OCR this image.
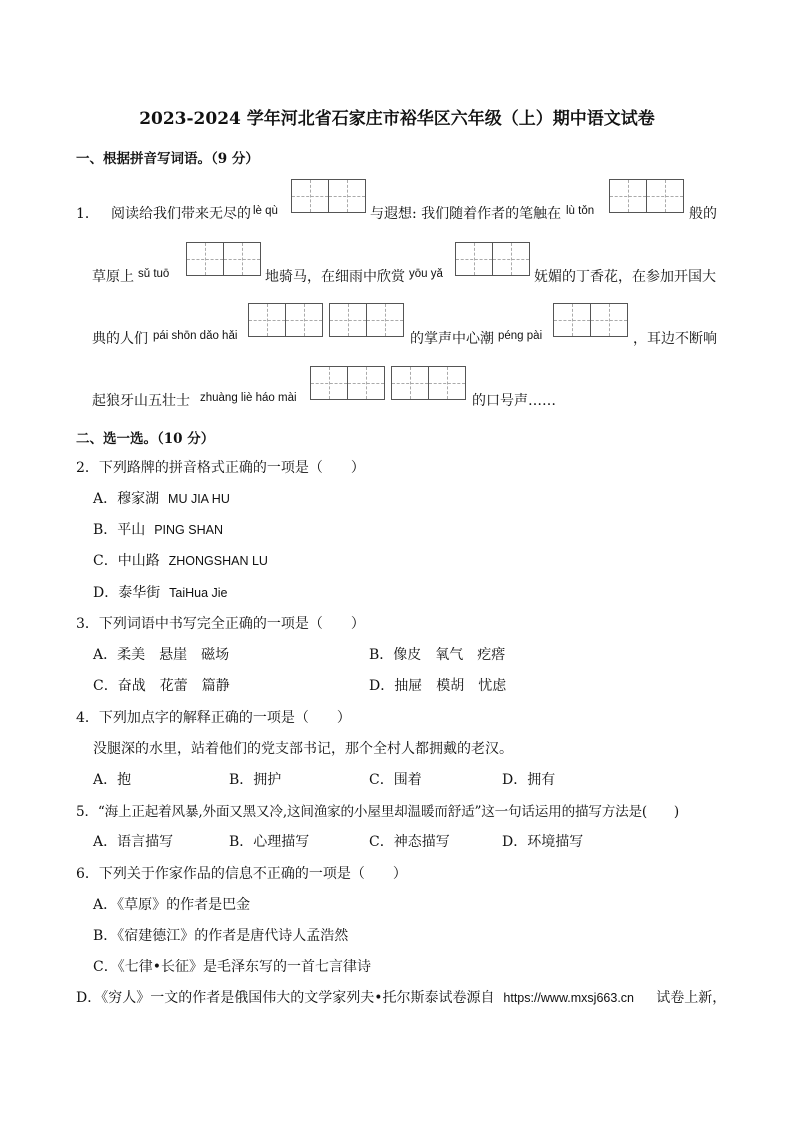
2023-2024 学年河北省石家庄市裕华区六年级（上）期中语文试卷
一、根据拼音写词语。（9 分）
1． 阅读给我们带来无尽的 lè qù	与遐想: 我们随着作者的笔触在 lù tǒn	般的
草原上 sǔ tuō	地骑马，在细雨中欣赏 yōu yǎ	妩媚的丁香花，在参加开国大
典的人们 pái shōn dǎo hǎi	的掌声中心潮 péng pài	，耳边不断响
起狼牙山五壮士 zhuàng liè háo mài	的口号声……
二、选一选。（10 分）
2．下列路牌的拼音格式正确的一项是（　　）
A．穆家湖 MU JIA HU
B．平山 PING SHAN
C．中山路 ZHONGSHAN LU
D．泰华街 TaiHua Jie
3．下列词语中书写完全正确的一项是（　　）
A．柔美　悬崖　磁场	B．像皮　氧气　疙瘩
C．奋战　花蕾　篇静	D．抽屉　模胡　忧虑
4．下列加点字的解释正确的一项是（　　）
没腿深的水里，站着他们的党支部书记，那个全村人都拥戴的老汉。
A．抱	B．拥护	C．围着	D．拥有
5．“海上正起着风暴,外面又黑又冷,这间渔家的小屋里却温暖而舒适”这一句话运用的描写方法是(　　)
A．语言描写	B．心理描写	C．神态描写	D．环境描写
6．下列关于作家作品的信息不正确的一项是（　　）
A．《草原》的作者是巴金
B．《宿建德江》的作者是唐代诗人孟浩然
C．《七律•长征》是毛泽东写的一首七言律诗
D．《穷人》一文的作者是俄国伟大的文学家列夫•托尔斯泰试卷源自 https://www.mxsj663.cn 试卷上新，
